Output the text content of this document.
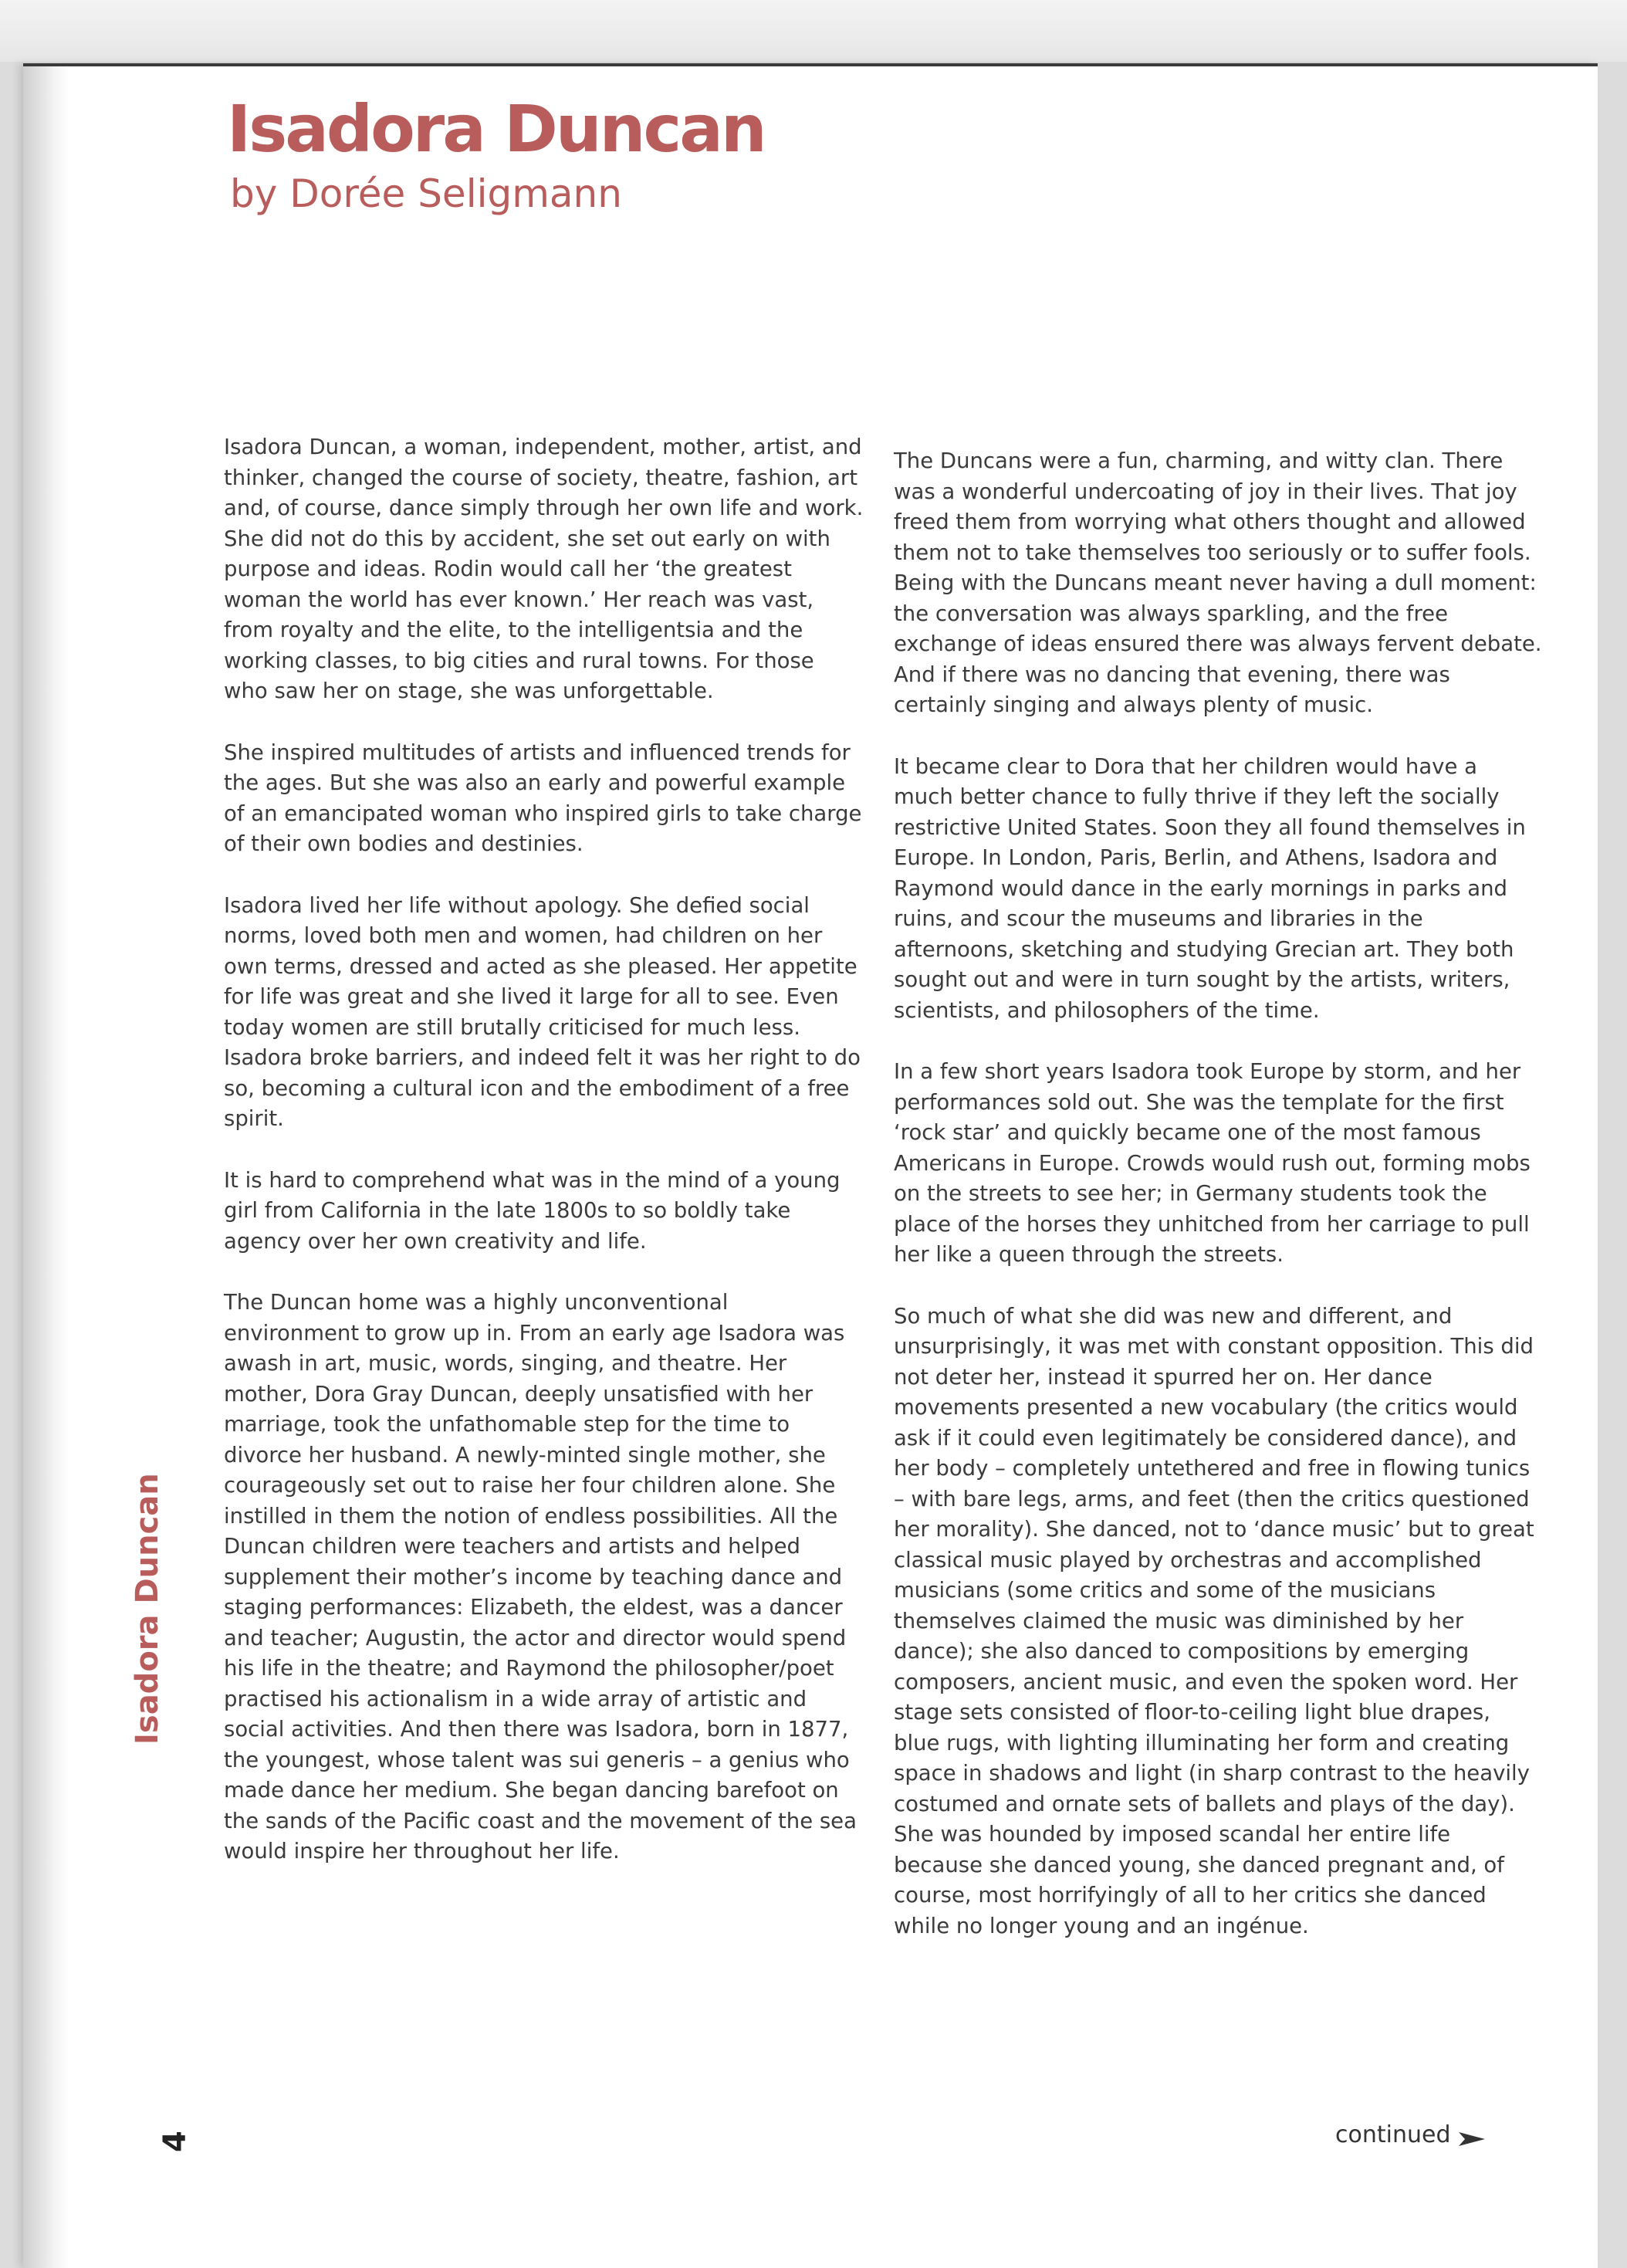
Isadora Duncan
by Dorée Seligmann

Isadora Duncan, a woman, independent, mother, artist, and thinker, changed the course of society, theatre, fashion, art and, of course, dance simply through her own life and work. She did not do this by accident, she set out early on with purpose and ideas. Rodin would call her ‘the greatest woman the world has ever known.’ Her reach was vast, from royalty and the elite, to the intelligentsia and the working classes, to big cities and rural towns. For those who saw her on stage, she was unforgettable.

She inspired multitudes of artists and influenced trends for the ages. But she was also an early and powerful example of an emancipated woman who inspired girls to take charge of their own bodies and destinies.

Isadora lived her life without apology. She defied social norms, loved both men and women, had children on her own terms, dressed and acted as she pleased. Her appetite for life was great and she lived it large for all to see. Even today women are still brutally criticised for much less. Isadora broke barriers, and indeed felt it was her right to do so, becoming a cultural icon and the embodiment of a free spirit.

It is hard to comprehend what was in the mind of a young girl from California in the late 1800s to so boldly take agency over her own creativity and life.

The Duncan home was a highly unconventional environment to grow up in. From an early age Isadora was awash in art, music, words, singing, and theatre. Her mother, Dora Gray Duncan, deeply unsatisfied with her marriage, took the unfathomable step for the time to divorce her husband. A newly-minted single mother, she courageously set out to raise her four children alone. She instilled in them the notion of endless possibilities. All the Duncan children were teachers and artists and helped supplement their mother’s income by teaching dance and staging performances: Elizabeth, the eldest, was a dancer and teacher; Augustin, the actor and director would spend his life in the theatre; and Raymond the philosopher/poet practised his actionalism in a wide array of artistic and social activities. And then there was Isadora, born in 1877, the youngest, whose talent was sui generis – a genius who made dance her medium. She began dancing barefoot on the sands of the Pacific coast and the movement of the sea would inspire her throughout her life.

The Duncans were a fun, charming, and witty clan. There was a wonderful undercoating of joy in their lives. That joy freed them from worrying what others thought and allowed them not to take themselves too seriously or to suffer fools. Being with the Duncans meant never having a dull moment: the conversation was always sparkling, and the free exchange of ideas ensured there was always fervent debate. And if there was no dancing that evening, there was certainly singing and always plenty of music.

It became clear to Dora that her children would have a much better chance to fully thrive if they left the socially restrictive United States. Soon they all found themselves in Europe. In London, Paris, Berlin, and Athens, Isadora and Raymond would dance in the early mornings in parks and ruins, and scour the museums and libraries in the afternoons, sketching and studying Grecian art. They both sought out and were in turn sought by the artists, writers, scientists, and philosophers of the time.

In a few short years Isadora took Europe by storm, and her performances sold out. She was the template for the first ‘rock star’ and quickly became one of the most famous Americans in Europe. Crowds would rush out, forming mobs on the streets to see her; in Germany students took the place of the horses they unhitched from her carriage to pull her like a queen through the streets.

So much of what she did was new and different, and unsurprisingly, it was met with constant opposition. This did not deter her, instead it spurred her on. Her dance movements presented a new vocabulary (the critics would ask if it could even legitimately be considered dance), and her body – completely untethered and free in flowing tunics – with bare legs, arms, and feet (then the critics questioned her morality). She danced, not to ‘dance music’ but to great classical music played by orchestras and accomplished musicians (some critics and some of the musicians themselves claimed the music was diminished by her dance); she also danced to compositions by emerging composers, ancient music, and even the spoken word. Her stage sets consisted of floor-to-ceiling light blue drapes, blue rugs, with lighting illuminating her form and creating space in shadows and light (in sharp contrast to the heavily costumed and ornate sets of ballets and plays of the day). She was hounded by imposed scandal her entire life because she danced young, she danced pregnant and, of course, most horrifyingly of all to her critics she danced while no longer young and an ingénue.

Isadora Duncan
4	continued
